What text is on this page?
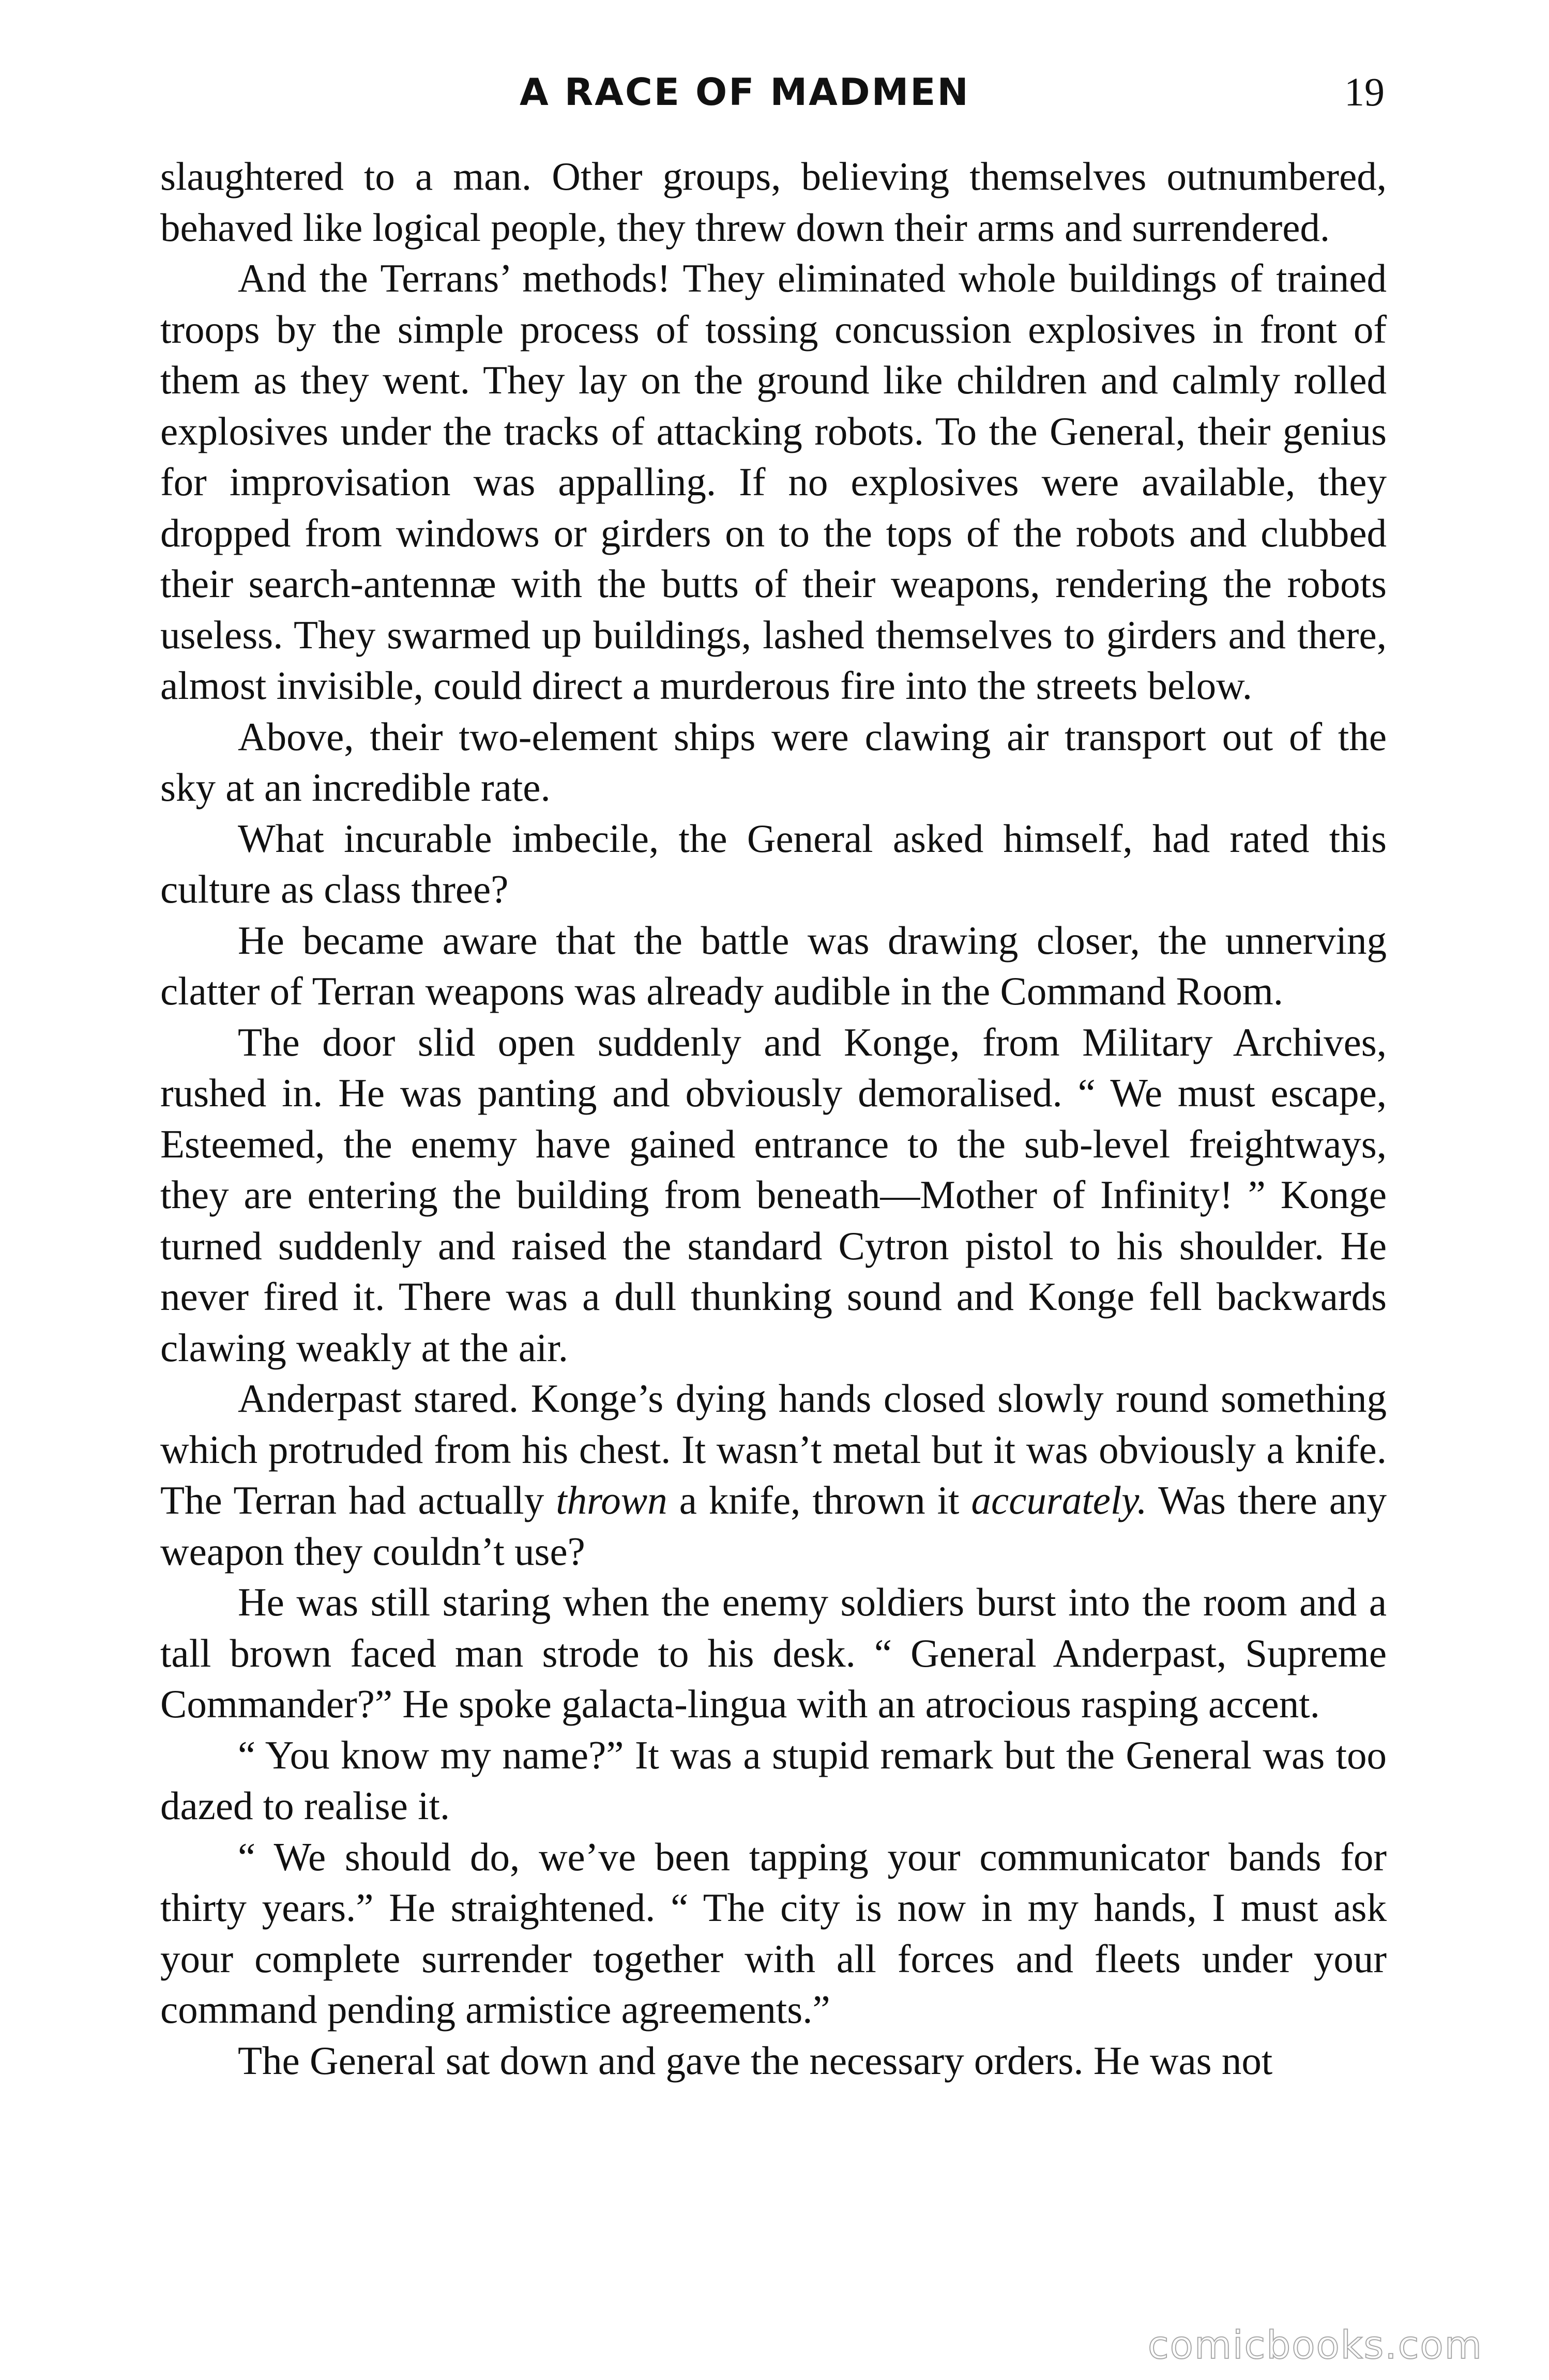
A RACE OF MADMEN	19

slaughtered to a man. Other groups, believing themselves outnumbered, behaved like logical people, they threw down their arms and surrendered.

And the Terrans’ methods! They eliminated whole buildings of trained troops by the simple process of tossing concussion explosives in front of them as they went. They lay on the ground like children and calmly rolled explosives under the tracks of attacking robots. To the General, their genius for improvisation was appalling. If no explosives were available, they dropped from windows or girders on to the tops of the robots and clubbed their search-antennæ with the butts of their weapons, rendering the robots useless. They swarmed up buildings, lashed themselves to girders and there, almost invisible, could direct a murderous fire into the streets below.

Above, their two-element ships were clawing air transport out of the sky at an incredible rate.

What incurable imbecile, the General asked himself, had rated this culture as class three?

He became aware that the battle was drawing closer, the unnerving clatter of Terran weapons was already audible in the Command Room.

The door slid open suddenly and Konge, from Military Archives, rushed in. He was panting and obviously demoralised. “ We must escape, Esteemed, the enemy have gained entrance to the sub-level freightways, they are entering the building from beneath—Mother of Infinity! ” Konge turned suddenly and raised the standard Cytron pistol to his shoulder. He never fired it. There was a dull thunking sound and Konge fell backwards clawing weakly at the air.

Anderpast stared. Konge’s dying hands closed slowly round something which protruded from his chest. It wasn’t metal but it was obviously a knife. The Terran had actually thrown a knife, thrown it accurately. Was there any weapon they couldn’t use?

He was still staring when the enemy soldiers burst into the room and a tall brown faced man strode to his desk. “ General Anderpast, Supreme Commander?” He spoke galacta-lingua with an atrocious rasping accent.

“ You know my name?” It was a stupid remark but the General was too dazed to realise it.

“ We should do, we’ve been tapping your communicator bands for thirty years.” He straightened. “ The city is now in my hands, I must ask your complete surrender together with all forces and fleets under your command pending armistice agreements.”

The General sat down and gave the necessary orders. He was not

comicbooks.com
